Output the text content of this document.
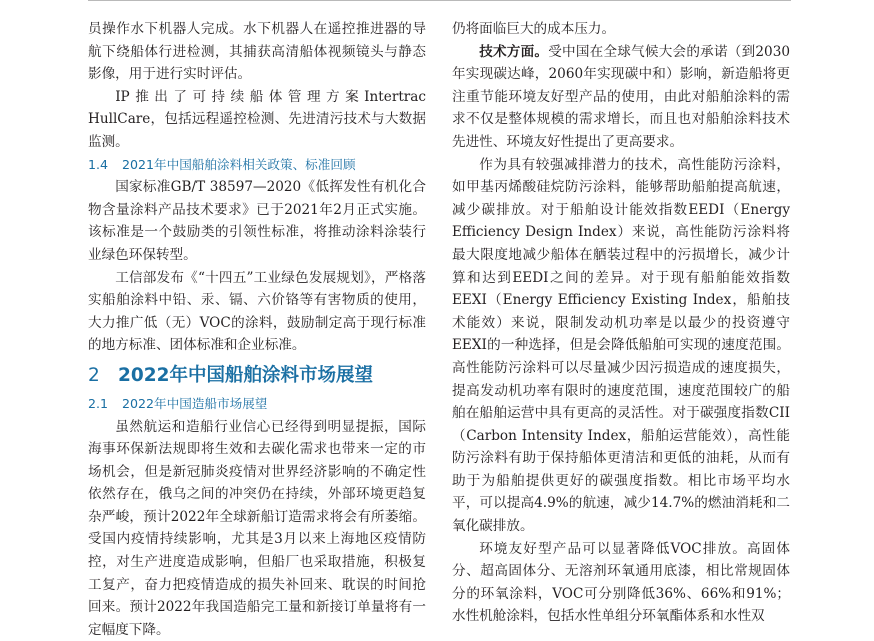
员操作水下机器人完成。水下机器人在遥控推进器的导航下绕船体行进检测，其捕获高清船体视频镜头与静态影像，用于进行实时评估。

IP推出了可持续船体管理方案Intertrac HullCare，包括远程遥控检测、先进清污技术与大数据监测。

1.4 2021年中国船舶涂料相关政策、标准回顾

国家标准GB/T 38597—2020《低挥发性有机化合物含量涂料产品技术要求》已于2021年2月正式实施。该标准是一个鼓励类的引领性标准，将推动涂料涂装行业绿色环保转型。

工信部发布《“十四五”工业绿色发展规划》，严格落实船舶涂料中铅、汞、镉、六价铬等有害物质的使用，大力推广低（无）VOC的涂料，鼓励制定高于现行标准的地方标准、团体标准和企业标准。

2 2022年中国船舶涂料市场展望
2.1 2022年中国造船市场展望

虽然航运和造船行业信心已经得到明显提振，国际海事环保新法规即将生效和去碳化需求也带来一定的市场机会，但是新冠肺炎疫情对世界经济影响的不确定性依然存在，俄乌之间的冲突仍在持续，外部环境更趋复杂严峻，预计2022年全球新船订造需求将会有所萎缩。受国内疫情持续影响，尤其是3月以来上海地区疫情防控，对生产进度造成影响，但船厂也采取措施，积极复工复产，奋力把疫情造成的损失补回来、耽误的时间抢回来。预计2022年我国造船完工量和新接订单量将有一定幅度下降。

仍将面临巨大的成本压力。

技术方面。受中国在全球气候大会的承诺（到2030年实现碳达峰，2060年实现碳中和）影响，新造船将更注重节能环境友好型产品的使用，由此对船舶涂料的需求不仅是整体规模的需求增长，而且也对船舶涂料技术先进性、环境友好性提出了更高要求。

作为具有较强减排潜力的技术，高性能防污涂料，如甲基丙烯酸硅烷防污涂料，能够帮助船舶提高航速，减少碳排放。对于船舶设计能效指数EEDI（Energy Efficiency Design Index）来说，高性能防污涂料将最大限度地减少船体在舾装过程中的污损增长，减少计算和达到EEDI之间的差异。对于现有船舶能效指数EEXI（Energy Efficiency Existing Index，船舶技术能效）来说，限制发动机功率是以最少的投资遵守EEXI的一种选择，但是会降低船舶可实现的速度范围。高性能防污涂料可以尽量减少因污损造成的速度损失，提高发动机功率有限时的速度范围，速度范围较广的船舶在船舶运营中具有更高的灵活性。对于碳强度指数CII（Carbon Intensity Index，船舶运营能效），高性能防污涂料有助于保持船体更清洁和更低的油耗，从而有助于为船舶提供更好的碳强度指数。相比市场平均水平，可以提高4.9%的航速，减少14.7%的燃油消耗和二氧化碳排放。

环境友好型产品可以显著降低VOC排放。高固体分、超高固体分、无溶剂环氧通用底漆，相比常规固体分的环氧涂料，VOC可分别降低36%、66%和91%；水性机舱涂料，包括水性单组分环氧酯体系和水性双
